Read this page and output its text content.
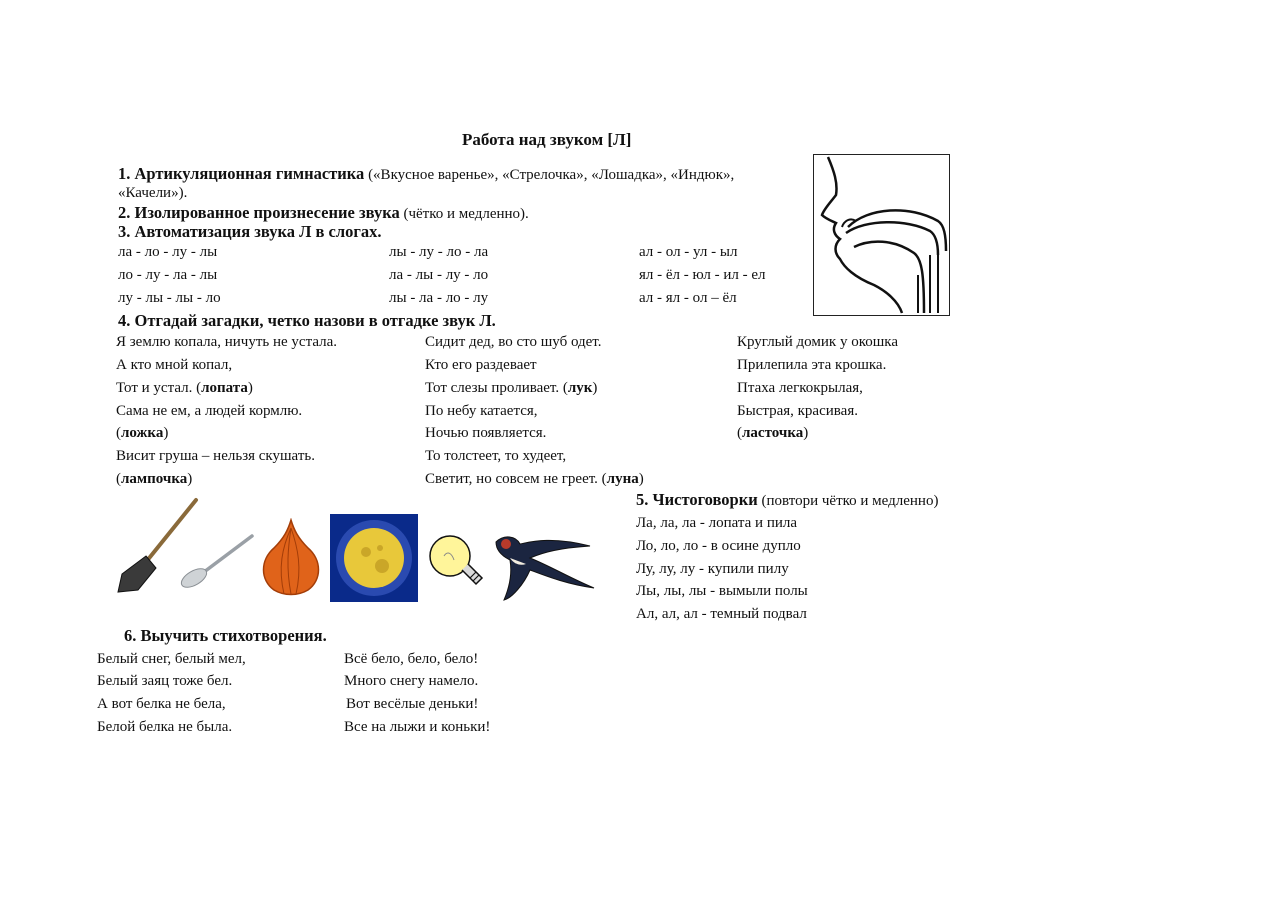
Работа над звуком [Л]
1. Артикуляционная гимнастика («Вкусное варенье», «Стрелочка», «Лошадка», «Индюк»,
«Качели»).
2. Изолированное произнесение звука (чётко и медленно).
3. Автоматизация звука Л в слогах.
ла - ло - лу - лы
ло - лу - ла - лы
лу - лы - лы - ло
лы - лу - ло - ла
ла - лы - лу - ло
лы - ла - ло - лу
ал - ол - ул - ыл
ял - ёл - юл - ил - ел
ал - ял - ол – ёл
4. Отгадай загадки, четко назови в отгадке звук Л.
Я землю копала, ничуть не устала.
А кто мной копал,
Тот и устал. (лопата)
Сама не ем, а людей кормлю.
(ложка)
Висит груша – нельзя скушать.
(лампочка)
Сидит дед, во сто шуб одет.
Кто его раздевает
Тот слезы проливает. (лук)
По небу катается,
Ночью появляется.
То толстеет, то худеет,
Светит, но совсем не греет. (луна)
Круглый домик у окошка
Прилепила эта крошка.
Птаха легкокрылая,
Быстрая, красивая.
(ласточка)
5. Чистоговорки (повтори чётко и медленно)
Ла, ла, ла - лопата и пила
Ло, ло, ло - в осине дупло
Лу, лу, лу - купили пилу
Лы, лы, лы - вымыли полы
Ал, ал, ал - темный подвал
6. Выучить стихотворения.
Белый снег, белый мел,
Белый заяц тоже бел.
А вот белка не бела,
Белой белка не была.
Всё бело, бело, бело!
Много снегу намело.
Вот весёлые деньки!
Все на лыжи и коньки!
